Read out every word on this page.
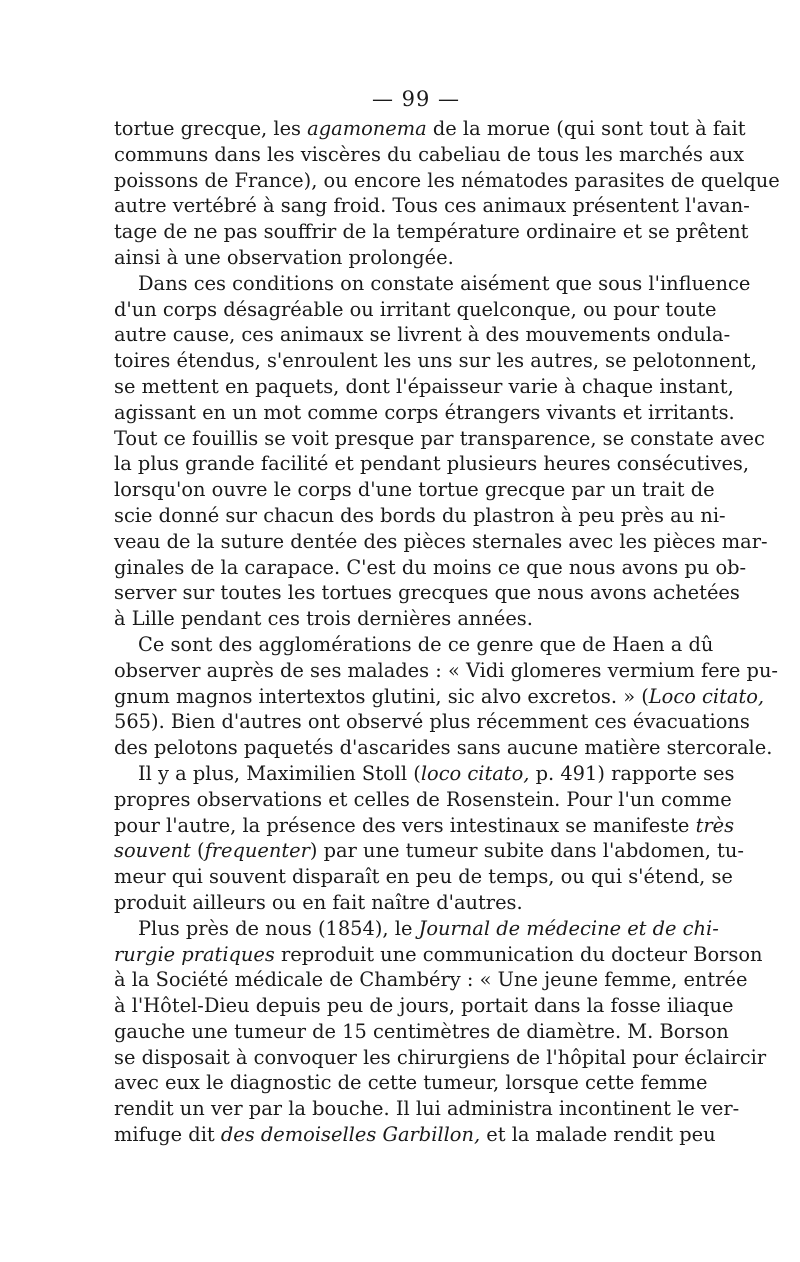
— 99 —
tortue grecque, les agamonema de la morue (qui sont tout à fait
communs dans les viscères du cabeliau de tous les marchés aux
poissons de France), ou encore les nématodes parasites de quelque
autre vertébré à sang froid. Tous ces animaux présentent l'avan-
tage de ne pas souffrir de la température ordinaire et se prêtent
ainsi à une observation prolongée.
Dans ces conditions on constate aisément que sous l'influence
d'un corps désagréable ou irritant quelconque, ou pour toute
autre cause, ces animaux se livrent à des mouvements ondula-
toires étendus, s'enroulent les uns sur les autres, se pelotonnent,
se mettent en paquets, dont l'épaisseur varie à chaque instant,
agissant en un mot comme corps étrangers vivants et irritants.
Tout ce fouillis se voit presque par transparence, se constate avec
la plus grande facilité et pendant plusieurs heures consécutives,
lorsqu'on ouvre le corps d'une tortue grecque par un trait de
scie donné sur chacun des bords du plastron à peu près au ni-
veau de la suture dentée des pièces sternales avec les pièces mar-
ginales de la carapace. C'est du moins ce que nous avons pu ob-
server sur toutes les tortues grecques que nous avons achetées
à Lille pendant ces trois dernières années.
Ce sont des agglomérations de ce genre que de Haen a dû
observer auprès de ses malades : « Vidi glomeres vermium fere pu-
gnum magnos intertextos glutini, sic alvo excretos. » (Loco citato,
565). Bien d'autres ont observé plus récemment ces évacuations
des pelotons paquetés d'ascarides sans aucune matière stercorale.
Il y a plus, Maximilien Stoll (loco citato, p. 491) rapporte ses
propres observations et celles de Rosenstein. Pour l'un comme
pour l'autre, la présence des vers intestinaux se manifeste très
souvent (frequenter) par une tumeur subite dans l'abdomen, tu-
meur qui souvent disparaît en peu de temps, ou qui s'étend, se
produit ailleurs ou en fait naître d'autres.
Plus près de nous (1854), le Journal de médecine et de chi-
rurgie pratiques reproduit une communication du docteur Borson
à la Société médicale de Chambéry : « Une jeune femme, entrée
à l'Hôtel-Dieu depuis peu de jours, portait dans la fosse iliaque
gauche une tumeur de 15 centimètres de diamètre. M. Borson
se disposait à convoquer les chirurgiens de l'hôpital pour éclaircir
avec eux le diagnostic de cette tumeur, lorsque cette femme
rendit un ver par la bouche. Il lui administra incontinent le ver-
mifuge dit des demoiselles Garbillon, et la malade rendit peu
